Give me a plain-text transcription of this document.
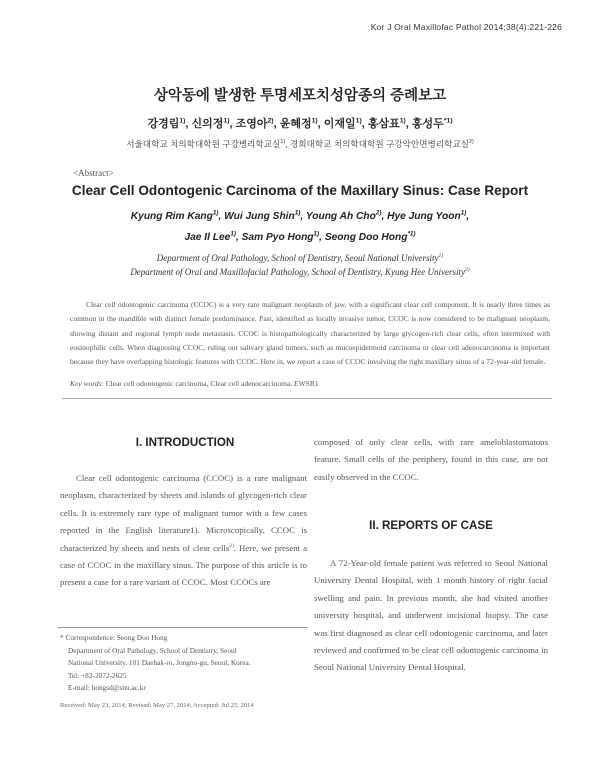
Kor J Oral Maxillofac Pathol 2014;38(4):221-226
상악동에 발생한 투명세포치성암종의 증례보고
강경림$^{1)}$, 신의정$^{1)}$, 조영아$^{2)}$, 윤혜정$^{1)}$, 이재일$^{1)}$, 홍삼표$^{1)}$, 홍성두$^{*1)}$
서울대학교 치의학대학원 구강병리학교실$^{1)}$, 경희대학교 치의학대학원 구강악안면병리학교실$^{2)}$
<Abstract>
Clear Cell Odontogenic Carcinoma of the Maxillary Sinus: Case Report
Kyung Rim Kang$^{1)}$, Wui Jung Shin$^{1)}$, Young Ah Cho$^{2)}$, Hye Jung Yoon$^{1)}$,
Jae Il Lee$^{1)}$, Sam Pyo Hong$^{1)}$, Seong Doo Hong$^{*1)}$
Department of Oral Pathology, School of Dentistry, Seoul National University$^{1)}$
Department of Oral and Maxillofacial Pathology, School of Dentistry, Kyung Hee University$^{2)}$
Clear cell odontogenic carcinoma (CCOC) is a very rare malignant neoplasm of jaw, with a significant clear cell component. It is nearly three times as common in the mandible with distinct female predominance. Past, identified as locally invasive tumor, CCOC is now considered to be malignant neoplasm, showing distant and regional lymph node metastasis. CCOC is histopathologically characterized by large glycogen-rich clear cells, often intermixed with eosinophilic cells. When diagnosing CCOC, ruling out salivary gland tumors, such as mucoepidermoid carcinoma or clear cell adenocarcinoma is important because they have overlapping histologic features with CCOC. Here in, we report a case of CCOC involving the right maxillary sinus of a 72-year-old female.
Key words: Clear cell odontogenic carcinoma, Clear cell adenocarcinoma, EWSR1
I. INTRODUCTION

Clear cell odontogenic carcinoma (CCOC) is a rare malignant neoplasm, characterized by sheets and islands of glycogen-rich clear cells. It is extremely rare type of malignant tumor with a few cases reported in the English literature1). Microscopically, CCOC is characterized by sheets and nests of clear cells$^{2)}$. Here, we present a case of CCOC in the maxillary sinus. The purpose of this article is to present a case for a rare variant of CCOC. Most CCOCs are

* Correspondence: Seong Doo Hong
Department of Oral Pathology, School of Dentistry, Seoul
National University, 101 Daehak-ro, Jongno-gu, Seoul, Korea.
Tel: +82-2072-2625
E-mail: hongsd@snu.ac.kr
Received: May 23, 2014; Revised: May 27, 2014; Accepted: Jul 25, 2014

composed of only clear cells, with rare ameloblastomatous feature. Small cells of the periphery, found in this case, are not easily observed in the CCOC.

II. REPORTS OF CASE

A 72-Year-old female patient was referred to Seoul National University Dental Hospital, with 1 month history of right facial swelling and pain. In previous month, she had visited another university hospital, and underwent incisional biopsy. The case was first diagnosed as clear cell odontogenic carcinoma, and later reviewed and confirmed to be clear cell odontogenic carcinoma in Seoul National University Dental Hospital.
